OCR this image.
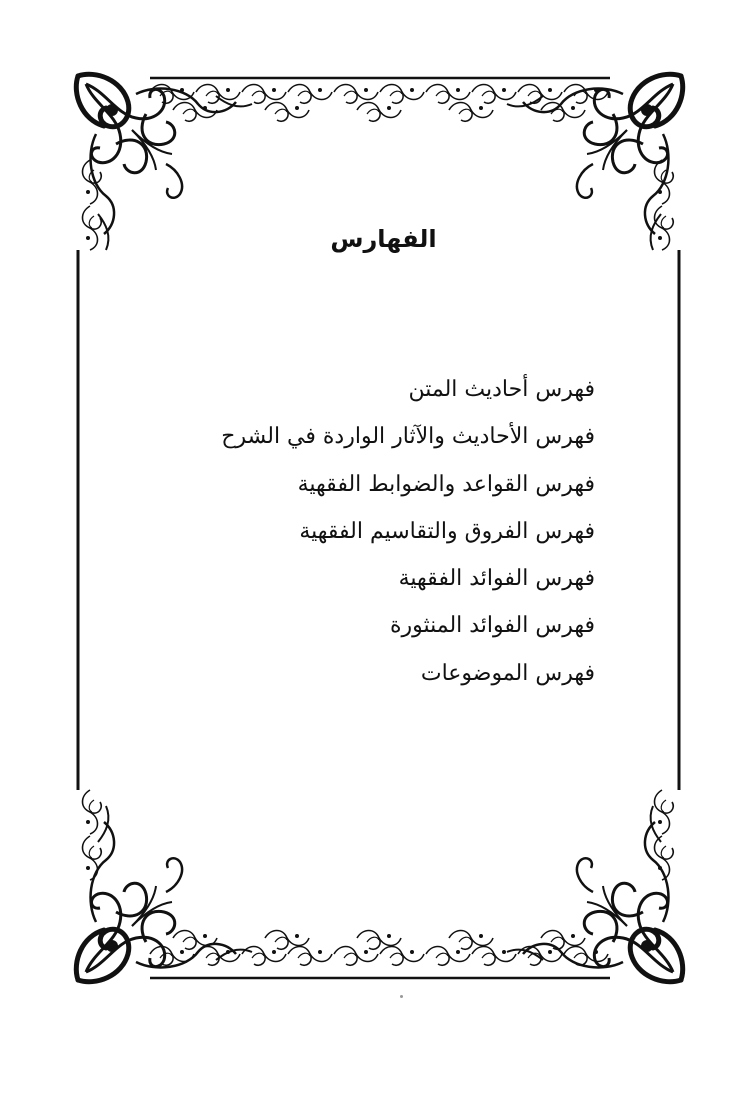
الفهارس
فهرس أحاديث المتن
فهرس الأحاديث والآثار الواردة في الشرح
فهرس القواعد والضوابط الفقهية
فهرس الفروق والتقاسيم الفقهية
فهرس الفوائد الفقهية
فهرس الفوائد المنثورة
فهرس الموضوعات
